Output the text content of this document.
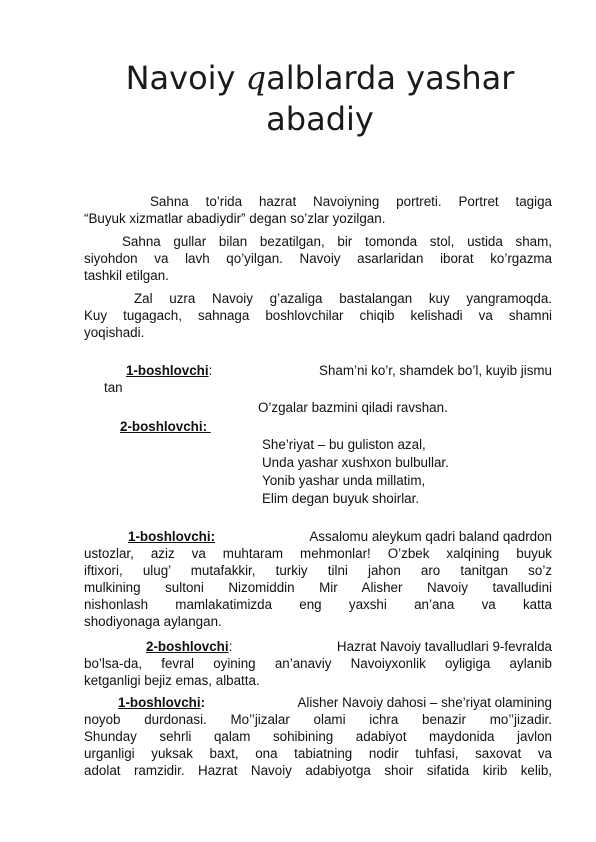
Navoiy qalblarda yashar
abadiy

Sahna to’rida hazrat Navoiyning portreti. Portret tagiga

“Buyuk xizmatlar abadiydir” degan so’zlar yozilgan.

Sahna gullar bilan bezatilgan, bir tomonda stol, ustida sham,

siyohdon va lavh qo’yilgan. Navoiy asarlaridan iborat ko’rgazma

tashkil etilgan.

Zal uzra Navoiy g’azaliga bastalangan kuy yangramoqda.

Kuy tugagach, sahnaga boshlovchilar chiqib kelishadi va shamni

yoqishadi.

1-boshlovchi:	Sham’ni ko’r, shamdek bo’l, kuyib jismu

tan

O’zgalar bazmini qiladi ravshan.

2-boshlovchi:

She’riyat – bu guliston azal,

Unda yashar xushxon bulbullar.

Yonib yashar unda millatim,

Elim degan buyuk shoirlar.

1-boshlovchi:	Assalomu aleykum qadri baland qadrdon

ustozlar, aziz va muhtaram mehmonlar! O’zbek xalqining buyuk

iftixori, ulug’ mutafakkir, turkiy tilni jahon aro tanitgan so’z

mulkining sultoni Nizomiddin Mir Alisher Navoiy tavalludini

nishonlash mamlakatimizda eng yaxshi an’ana va katta

shodiyonaga aylangan.

2-boshlovchi:	Hazrat Navoiy tavalludlari 9-fevralda

bo’lsa-da, fevral oyining an’anaviy Navoiyxonlik oyligiga aylanib

ketganligi bejiz emas, albatta.

1-boshlovchi:	Alisher Navoiy dahosi – she’riyat olamining

noyob durdonasi. Mo’’jizalar olami ichra benazir mo’’jizadir.

Shunday sehrli qalam sohibining adabiyot maydonida javlon

urganligi yuksak baxt, ona tabiatning nodir tuhfasi, saxovat va

adolat ramzidir. Hazrat Navoiy adabiyotga shoir sifatida kirib kelib,
